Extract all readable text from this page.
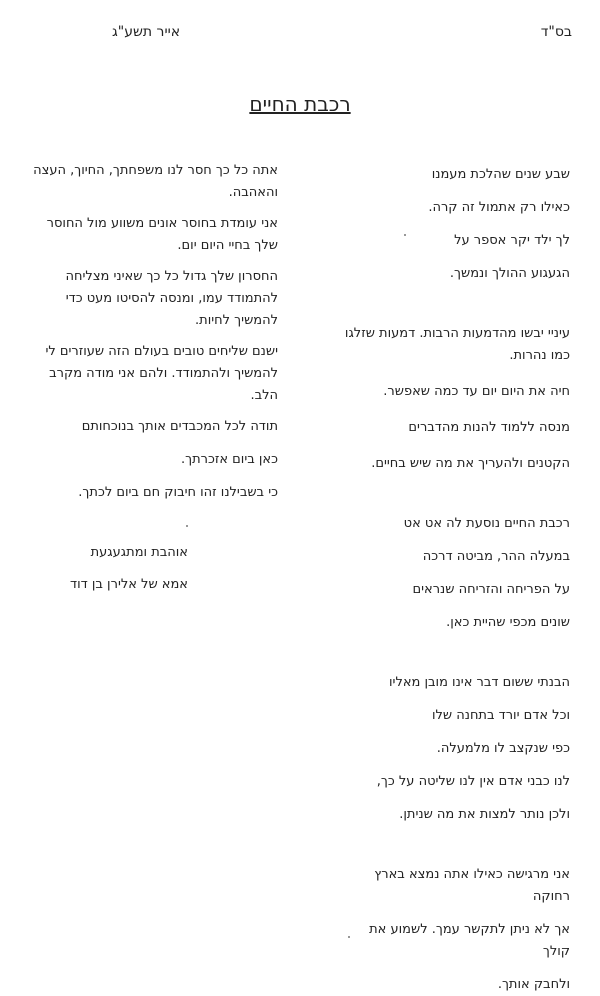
בס"ד
אייר תשע"ג
רכבת החיים
שבע שנים שהלכת מעמנו
כאילו רק אתמול זה קרה.
לך ילד יקר אספר על
הגעגוע ההולך ונמשך.
עיניי יבשו מהדמעות הרבות. דמעות שזלגו
כמו נהרות.
חיה את היום יום עד כמה שאפשר.
מנסה ללמוד להנות מהדברים
הקטנים ולהעריך את מה שיש בחיים.
רכבת החיים נוסעת לה אט אט
במעלה ההר, מביטה דרכה
על הפריחה והזריחה שנראים
שונים מכפי שהיית כאן.
הבנתי ששום דבר אינו מובן מאליו
וכל אדם יורד בתחנה שלו
כפי שנקצב לו מלמעלה.
לנו כבני אדם אין לנו שליטה על כך,
ולכן נותר למצות את מה שניתן.
אני מרגישה כאילו אתה נמצא בארץ רחוקה
אך לא ניתן לתקשר עמך. לשמוע את קולך
ולחבק אותך.

אתה כל כך חסר לנו משפחתך, החיוך, העצה והאהבה.

אני עומדת בחוסר אונים משווע מול החוסר שלך בחיי היום יום.

החסרון שלך גדול כל כך שאיני מצליחה להתמודד עמו, ומנסה להסיטו מעט כדי להמשיך לחיות.

ישנם שליחים טובים בעולם הזה שעוזרים לי להמשיך ולהתמודד. ולהם אני מודה מקרב הלב.

תודה לכל המכבדים אותך בנוכחותם

כאן ביום אזכרתך.

כי בשבילנו זהו חיבוק חם ביום לכתך.

אוהבת ומתגעגעת
אמא של אלירן בן דוד
